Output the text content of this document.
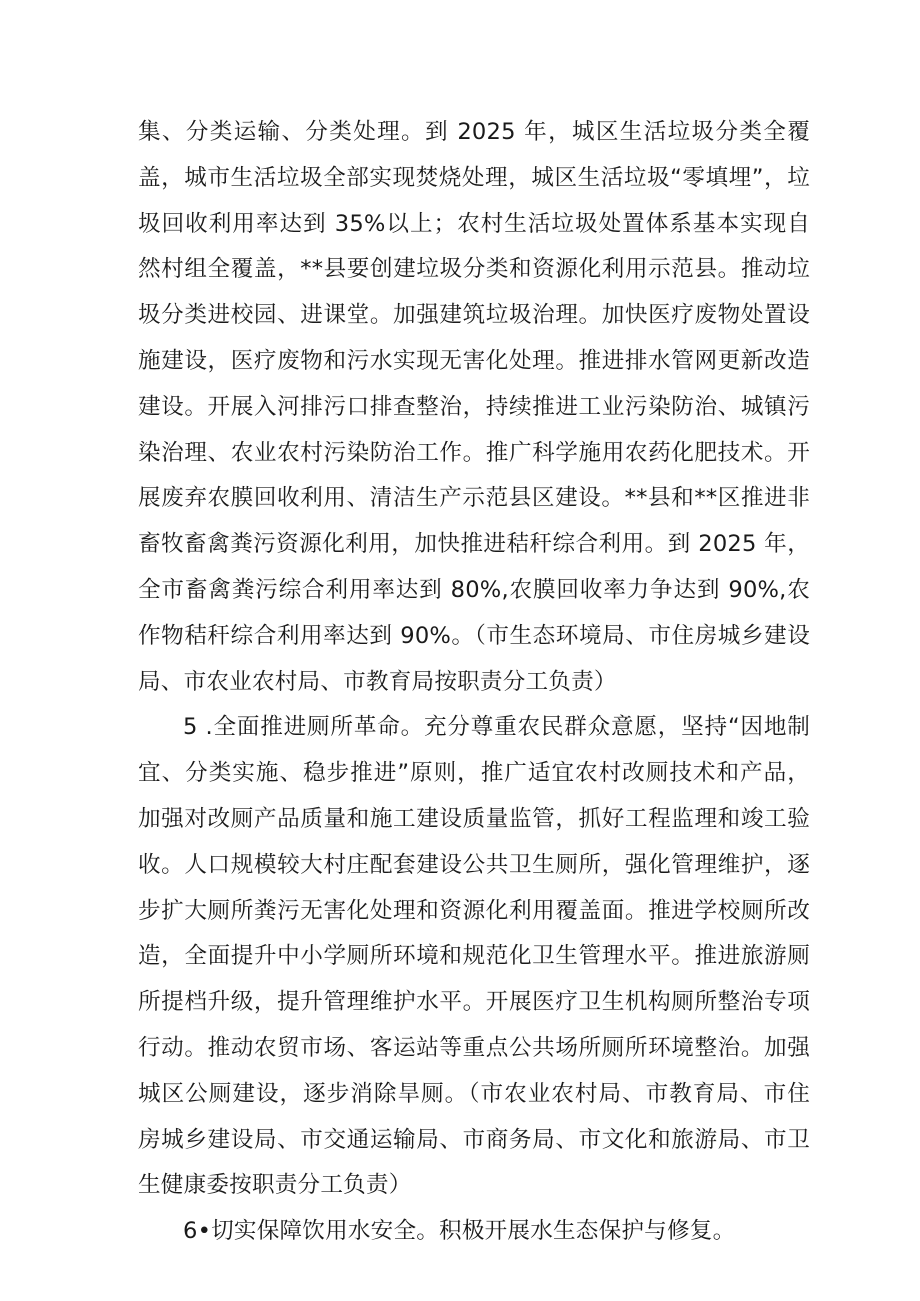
集、分类运输、分类处理。到 2025 年，城区生活垃圾分类全覆盖，城市生活垃圾全部实现焚烧处理，城区生活垃圾“零填埋”，垃圾回收利用率达到 35%以上；农村生活垃圾处置体系基本实现自然村组全覆盖，**县要创建垃圾分类和资源化利用示范县。推动垃圾分类进校园、进课堂。加强建筑垃圾治理。加快医疗废物处置设施建设，医疗废物和污水实现无害化处理。推进排水管网更新改造建设。开展入河排污口排查整治，持续推进工业污染防治、城镇污染治理、农业农村污染防治工作。推广科学施用农药化肥技术。开展废弃农膜回收利用、清洁生产示范县区建设。**县和**区推进非畜牧畜禽粪污资源化利用，加快推进秸秆综合利用。到 2025 年，全市畜禽粪污综合利用率达到 80%,农膜回收率力争达到 90%,农作物秸秆综合利用率达到 90%。（市生态环境局、市住房城乡建设局、市农业农村局、市教育局按职责分工负责）

5 .全面推进厕所革命。充分尊重农民群众意愿，坚持“因地制宜、分类实施、稳步推进”原则，推广适宜农村改厕技术和产品，加强对改厕产品质量和施工建设质量监管，抓好工程监理和竣工验收。人口规模较大村庄配套建设公共卫生厕所，强化管理维护，逐步扩大厕所粪污无害化处理和资源化利用覆盖面。推进学校厕所改造，全面提升中小学厕所环境和规范化卫生管理水平。推进旅游厕所提档升级，提升管理维护水平。开展医疗卫生机构厕所整治专项行动。推动农贸市场、客运站等重点公共场所厕所环境整治。加强城区公厕建设，逐步消除旱厕。（市农业农村局、市教育局、市住房城乡建设局、市交通运输局、市商务局、市文化和旅游局、市卫生健康委按职责分工负责）

6•切实保障饮用水安全。积极开展水生态保护与修复。
